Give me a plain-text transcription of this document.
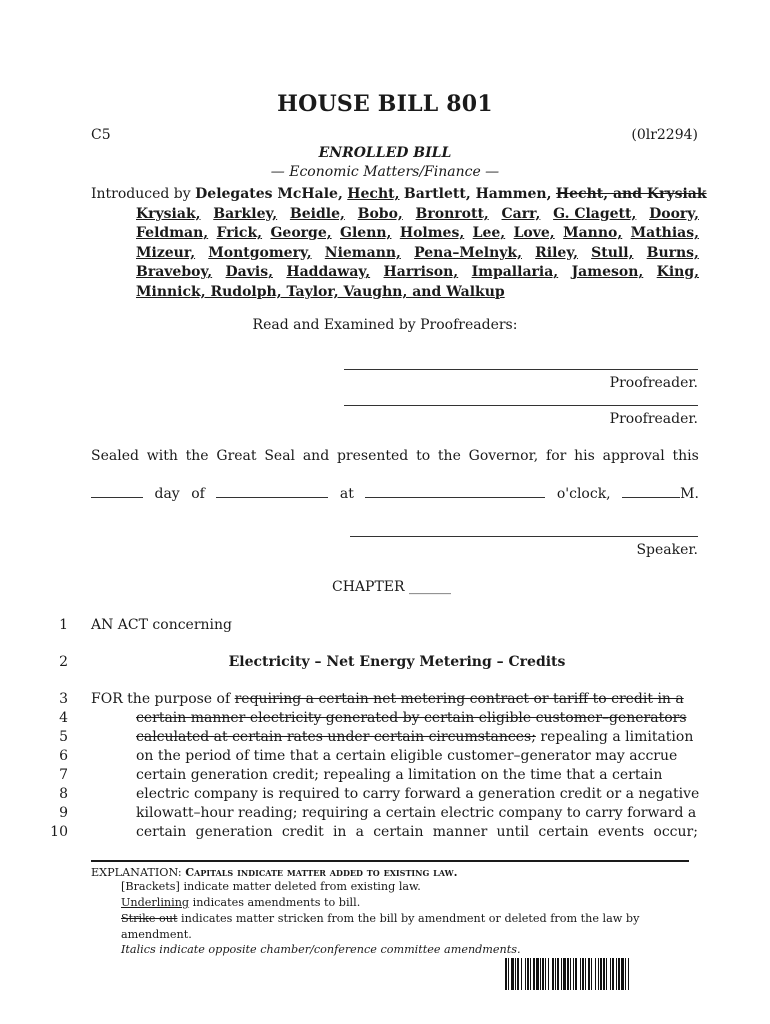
HOUSE BILL 801
C5	(0lr2294)
ENROLLED BILL
— Economic Matters/Finance —
Introduced by Delegates McHale, Hecht, Bartlett, Hammen, Hecht, and Krysiak
Krysiak, Barkley, Beidle, Bobo, Bronrott, Carr, G. Clagett, Doory,
Feldman, Frick, George, Glenn, Holmes, Lee, Love, Manno, Mathias,
Mizeur, Montgomery, Niemann, Pena–Melnyk, Riley, Stull, Burns,
Braveboy, Davis, Haddaway, Harrison, Impallaria, Jameson, King,
Minnick, Rudolph, Taylor, Vaughn, and Walkup
Read and Examined by Proofreaders:
Proofreader.
Proofreader.
Sealed with the Great Seal and presented to the Governor, for his approval this
day of	at	o'clock,	M.
Speaker.
CHAPTER ______
1 AN ACT concerning
2	Electricity – Net Energy Metering – Credits
3 FOR the purpose of requiring a certain net metering contract or tariff to credit in a
4	certain manner electricity generated by certain eligible customer–generators
5	calculated at certain rates under certain circumstances; repealing a limitation
6	on the period of time that a certain eligible customer–generator may accrue
7	certain generation credit; repealing a limitation on the time that a certain
8	electric company is required to carry forward a generation credit or a negative
9	kilowatt–hour reading; requiring a certain electric company to carry forward a
10	certain generation credit in a certain manner until certain events occur;
EXPLANATION: Capitals indicate matter added to existing law.
[Brackets] indicate matter deleted from existing law.
Underlining indicates amendments to bill.
Strike out indicates matter stricken from the bill by amendment or deleted from the law by
amendment.
Italics indicate opposite chamber/conference committee amendments.
